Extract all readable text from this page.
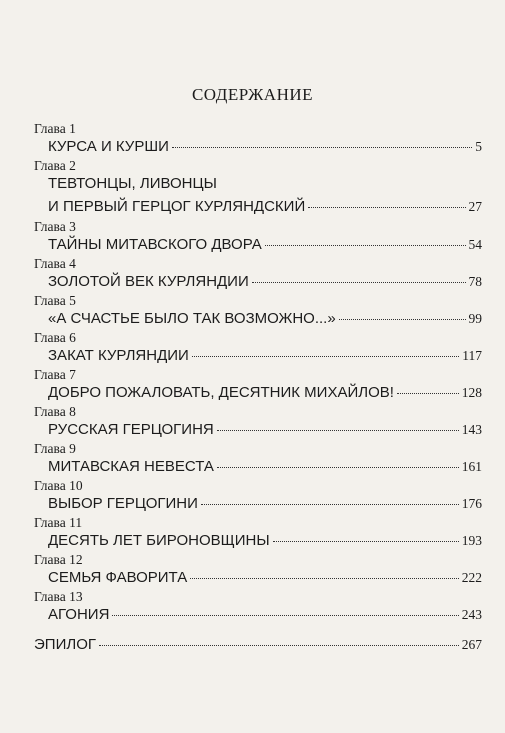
СОДЕРЖАНИЕ
Глава 1
КУРСА И КУРШИ	5
Глава 2
ТЕВТОНЦЫ, ЛИВОНЦЫ
И ПЕРВЫЙ ГЕРЦОГ КУРЛЯНДСКИЙ	27
Глава 3
ТАЙНЫ МИТАВСКОГО ДВОРА	54
Глава 4
ЗОЛОТОЙ ВЕК КУРЛЯНДИИ	78
Глава 5
«А СЧАСТЬЕ БЫЛО ТАК ВОЗМОЖНО...»	99
Глава 6
ЗАКАТ КУРЛЯНДИИ	117
Глава 7
ДОБРО ПОЖАЛОВАТЬ, ДЕСЯТНИК МИХАЙЛОВ!	128
Глава 8
РУССКАЯ ГЕРЦОГИНЯ	143
Глава 9
МИТАВСКАЯ НЕВЕСТА	161
Глава 10
ВЫБОР ГЕРЦОГИНИ	176
Глава 11
ДЕСЯТЬ ЛЕТ БИРОНОВЩИНЫ	193
Глава 12
СЕМЬЯ ФАВОРИТА	222
Глава 13
АГОНИЯ	243
ЭПИЛОГ	267
